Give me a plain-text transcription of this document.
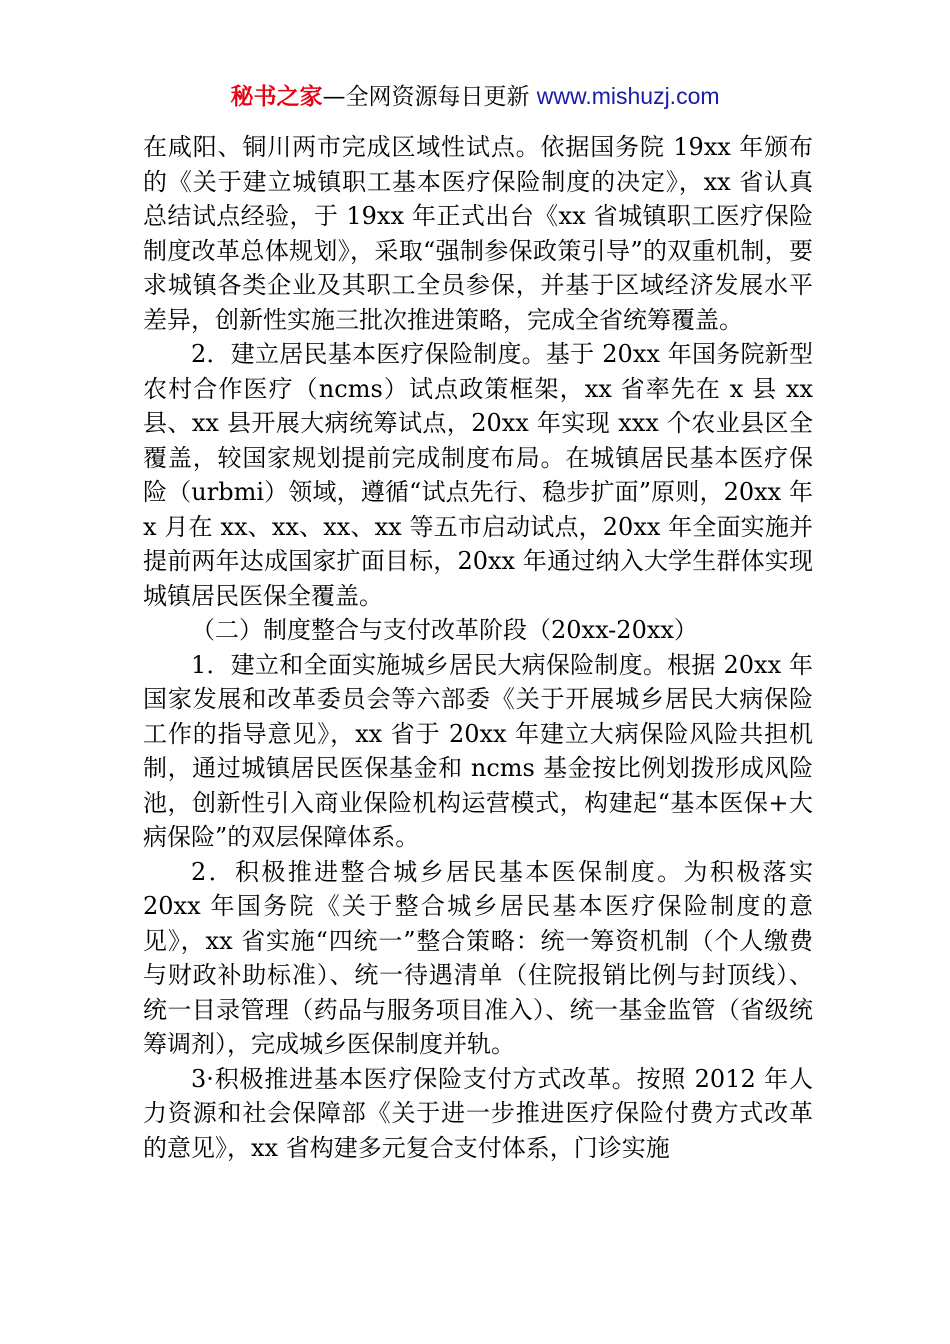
秘书之家—全网资源每日更新 www.mishuzj.com

在咸阳、铜川两市完成区域性试点。依据国务院 19xx 年颁布的《关于建立城镇职工基本医疗保险制度的决定》，xx 省认真总结试点经验，于 19xx 年正式出台《xx 省城镇职工医疗保险制度改革总体规划》，采取“强制参保政策引导”的双重机制，要求城镇各类企业及其职工全员参保，并基于区域经济发展水平差异，创新性实施三批次推进策略，完成全省统筹覆盖。

2．建立居民基本医疗保险制度。基于 20xx 年国务院新型农村合作医疗（ncms）试点政策框架，xx 省率先在 x 县 xx 县、xx 县开展大病统筹试点，20xx 年实现 xxx 个农业县区全覆盖，较国家规划提前完成制度布局。在城镇居民基本医疗保险（urbmi）领域，遵循“试点先行、稳步扩面”原则，20xx 年 x 月在 xx、xx、xx、xx 等五市启动试点，20xx 年全面实施并提前两年达成国家扩面目标，20xx 年通过纳入大学生群体实现城镇居民医保全覆盖。

（二）制度整合与支付改革阶段（20xx-20xx）

1．建立和全面实施城乡居民大病保险制度。根据 20xx 年国家发展和改革委员会等六部委《关于开展城乡居民大病保险工作的指导意见》，xx 省于 20xx 年建立大病保险风险共担机制，通过城镇居民医保基金和 ncms 基金按比例划拨形成风险池，创新性引入商业保险机构运营模式，构建起“基本医保+大病保险”的双层保障体系。

2．积极推进整合城乡居民基本医保制度。为积极落实 20xx 年国务院《关于整合城乡居民基本医疗保险制度的意见》，xx 省实施“四统一”整合策略：统一筹资机制（个人缴费与财政补助标准）、统一待遇清单（住院报销比例与封顶线）、统一目录管理（药品与服务项目准入）、统一基金监管（省级统筹调剂），完成城乡医保制度并轨。

3·积极推进基本医疗保险支付方式改革。按照 2012 年人力资源和社会保障部《关于进一步推进医疗保险付费方式改革的意见》，xx 省构建多元复合支付体系，门诊实施
